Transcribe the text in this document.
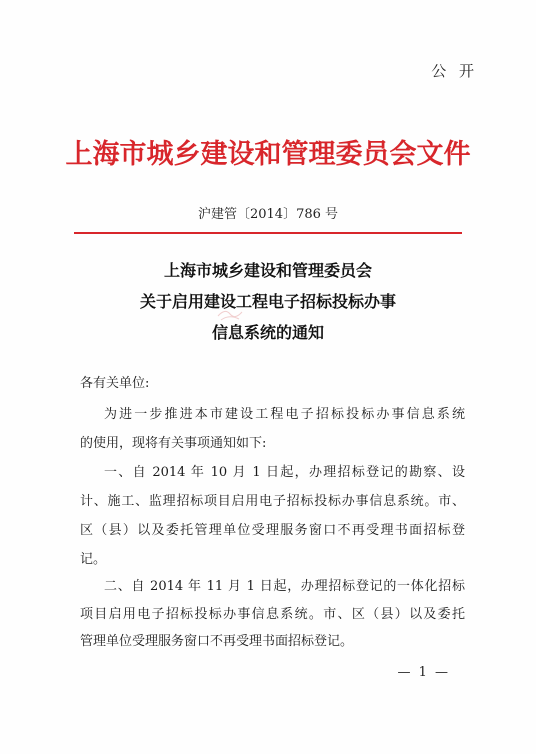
公 开
上海市城乡建设和管理委员会文件
沪建管〔2014〕786 号
上海市城乡建设和管理委员会
关于启用建设工程电子招标投标办事
信息系统的通知
各有关单位:
为进一步推进本市建设工程电子招标投标办事信息系统
的使用，现将有关事项通知如下:
一、自 2014 年 10 月 1 日起，办理招标登记的勘察、设
计、施工、监理招标项目启用电子招标投标办事信息系统。市、
区（县）以及委托管理单位受理服务窗口不再受理书面招标登
记。
二、自 2014 年 11 月 1 日起，办理招标登记的一体化招标
项目启用电子招标投标办事信息系统。市、区（县）以及委托
管理单位受理服务窗口不再受理书面招标登记。
— 1 —
